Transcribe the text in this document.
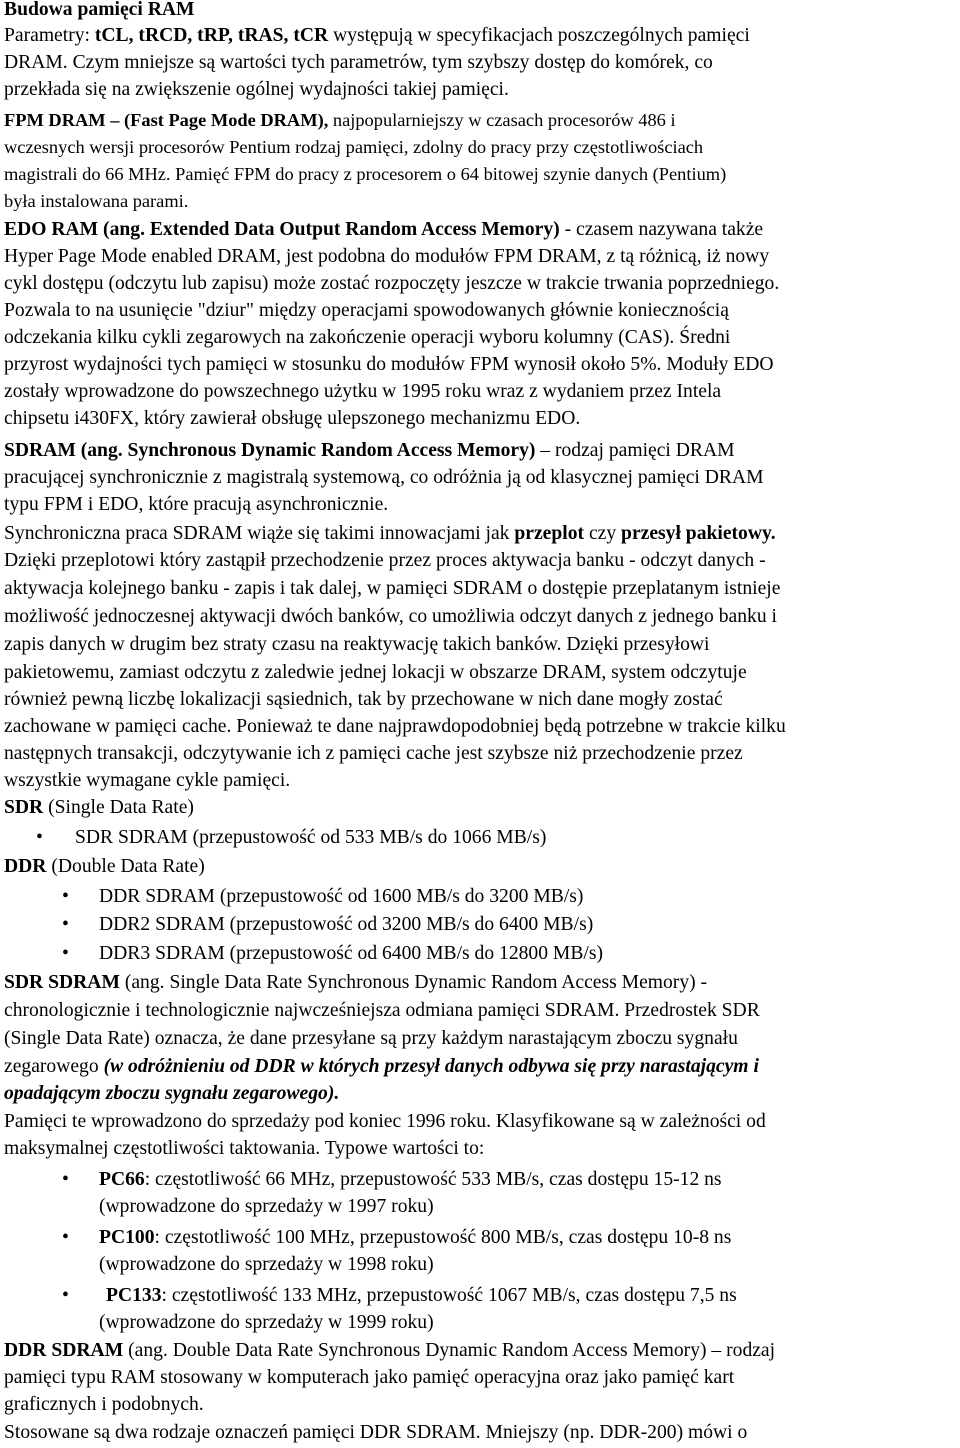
Budowa pamięci RAM

Parametry: tCL, tRCD, tRP, tRAS, tCR występują w specyfikacjach poszczególnych pamięci

DRAM. Czym mniejsze są wartości tych parametrów, tym szybszy dostęp do komórek, co

przekłada się na zwiększenie ogólnej wydajności takiej pamięci.

FPM DRAM – (Fast Page Mode DRAM), najpopularniejszy w czasach procesorów 486 i

wczesnych wersji procesorów Pentium rodzaj pamięci, zdolny do pracy przy częstotliwościach

magistrali do 66 MHz. Pamięć FPM do pracy z procesorem o 64 bitowej szynie danych (Pentium)

była instalowana parami.

EDO RAM (ang. Extended Data Output Random Access Memory) - czasem nazywana także

Hyper Page Mode enabled DRAM, jest podobna do modułów FPM DRAM, z tą różnicą, iż nowy

cykl dostępu (odczytu lub zapisu) może zostać rozpoczęty jeszcze w trakcie trwania poprzedniego.

Pozwala to na usunięcie "dziur" między operacjami spowodowanych głównie koniecznością

odczekania kilku cykli zegarowych na zakończenie operacji wyboru kolumny (CAS). Średni

przyrost wydajności tych pamięci w stosunku do modułów FPM wynosił około 5%. Moduły EDO

zostały wprowadzone do powszechnego użytku w 1995 roku wraz z wydaniem przez Intela

chipsetu i430FX, który zawierał obsługę ulepszonego mechanizmu EDO.

SDRAM (ang. Synchronous Dynamic Random Access Memory) – rodzaj pamięci DRAM

pracującej synchronicznie z magistralą systemową, co odróżnia ją od klasycznej pamięci DRAM

typu FPM i EDO, które pracują asynchronicznie.

Synchroniczna praca SDRAM wiąże się takimi innowacjami jak przeplot czy przesył pakietowy.

Dzięki przeplotowi który zastąpił przechodzenie przez proces aktywacja banku - odczyt danych -

aktywacja kolejnego banku - zapis i tak dalej, w pamięci SDRAM o dostępie przeplatanym istnieje

możliwość jednoczesnej aktywacji dwóch banków, co umożliwia odczyt danych z jednego banku i

zapis danych w drugim bez straty czasu na reaktywację takich banków. Dzięki przesyłowi

pakietowemu, zamiast odczytu z zaledwie jednej lokacji w obszarze DRAM, system odczytuje

również pewną liczbę lokalizacji sąsiednich, tak by przechowane w nich dane mogły zostać

zachowane w pamięci cache. Ponieważ te dane najprawdopodobniej będą potrzebne w trakcie kilku

następnych transakcji, odczytywanie ich z pamięci cache jest szybsze niż przechodzenie przez

wszystkie wymagane cykle pamięci.

SDR (Single Data Rate)

• SDR SDRAM (przepustowość od 533 MB/s do 1066 MB/s)

DDR (Double Data Rate)

• DDR SDRAM (przepustowość od 1600 MB/s do 3200 MB/s)

• DDR2 SDRAM (przepustowość od 3200 MB/s do 6400 MB/s)

• DDR3 SDRAM (przepustowość od 6400 MB/s do 12800 MB/s)

SDR SDRAM (ang. Single Data Rate Synchronous Dynamic Random Access Memory) -

chronologicznie i technologicznie najwcześniejsza odmiana pamięci SDRAM. Przedrostek SDR

(Single Data Rate) oznacza, że dane przesyłane są przy każdym narastającym zboczu sygnału

zegarowego (w odróżnieniu od DDR w których przesył danych odbywa się przy narastającym i

opadającym zboczu sygnału zegarowego).

Pamięci te wprowadzono do sprzedaży pod koniec 1996 roku. Klasyfikowane są w zależności od

maksymalnej częstotliwości taktowania. Typowe wartości to:

• PC66: częstotliwość 66 MHz, przepustowość 533 MB/s, czas dostępu 15-12 ns

(wprowadzone do sprzedaży w 1997 roku)

• PC100: częstotliwość 100 MHz, przepustowość 800 MB/s, czas dostępu 10-8 ns

(wprowadzone do sprzedaży w 1998 roku)

• PC133: częstotliwość 133 MHz, przepustowość 1067 MB/s, czas dostępu 7,5 ns

(wprowadzone do sprzedaży w 1999 roku)

DDR SDRAM (ang. Double Data Rate Synchronous Dynamic Random Access Memory) – rodzaj

pamięci typu RAM stosowany w komputerach jako pamięć operacyjna oraz jako pamięć kart

graficznych i podobnych.

Stosowane są dwa rodzaje oznaczeń pamięci DDR SDRAM. Mniejszy (np. DDR-200) mówi o
